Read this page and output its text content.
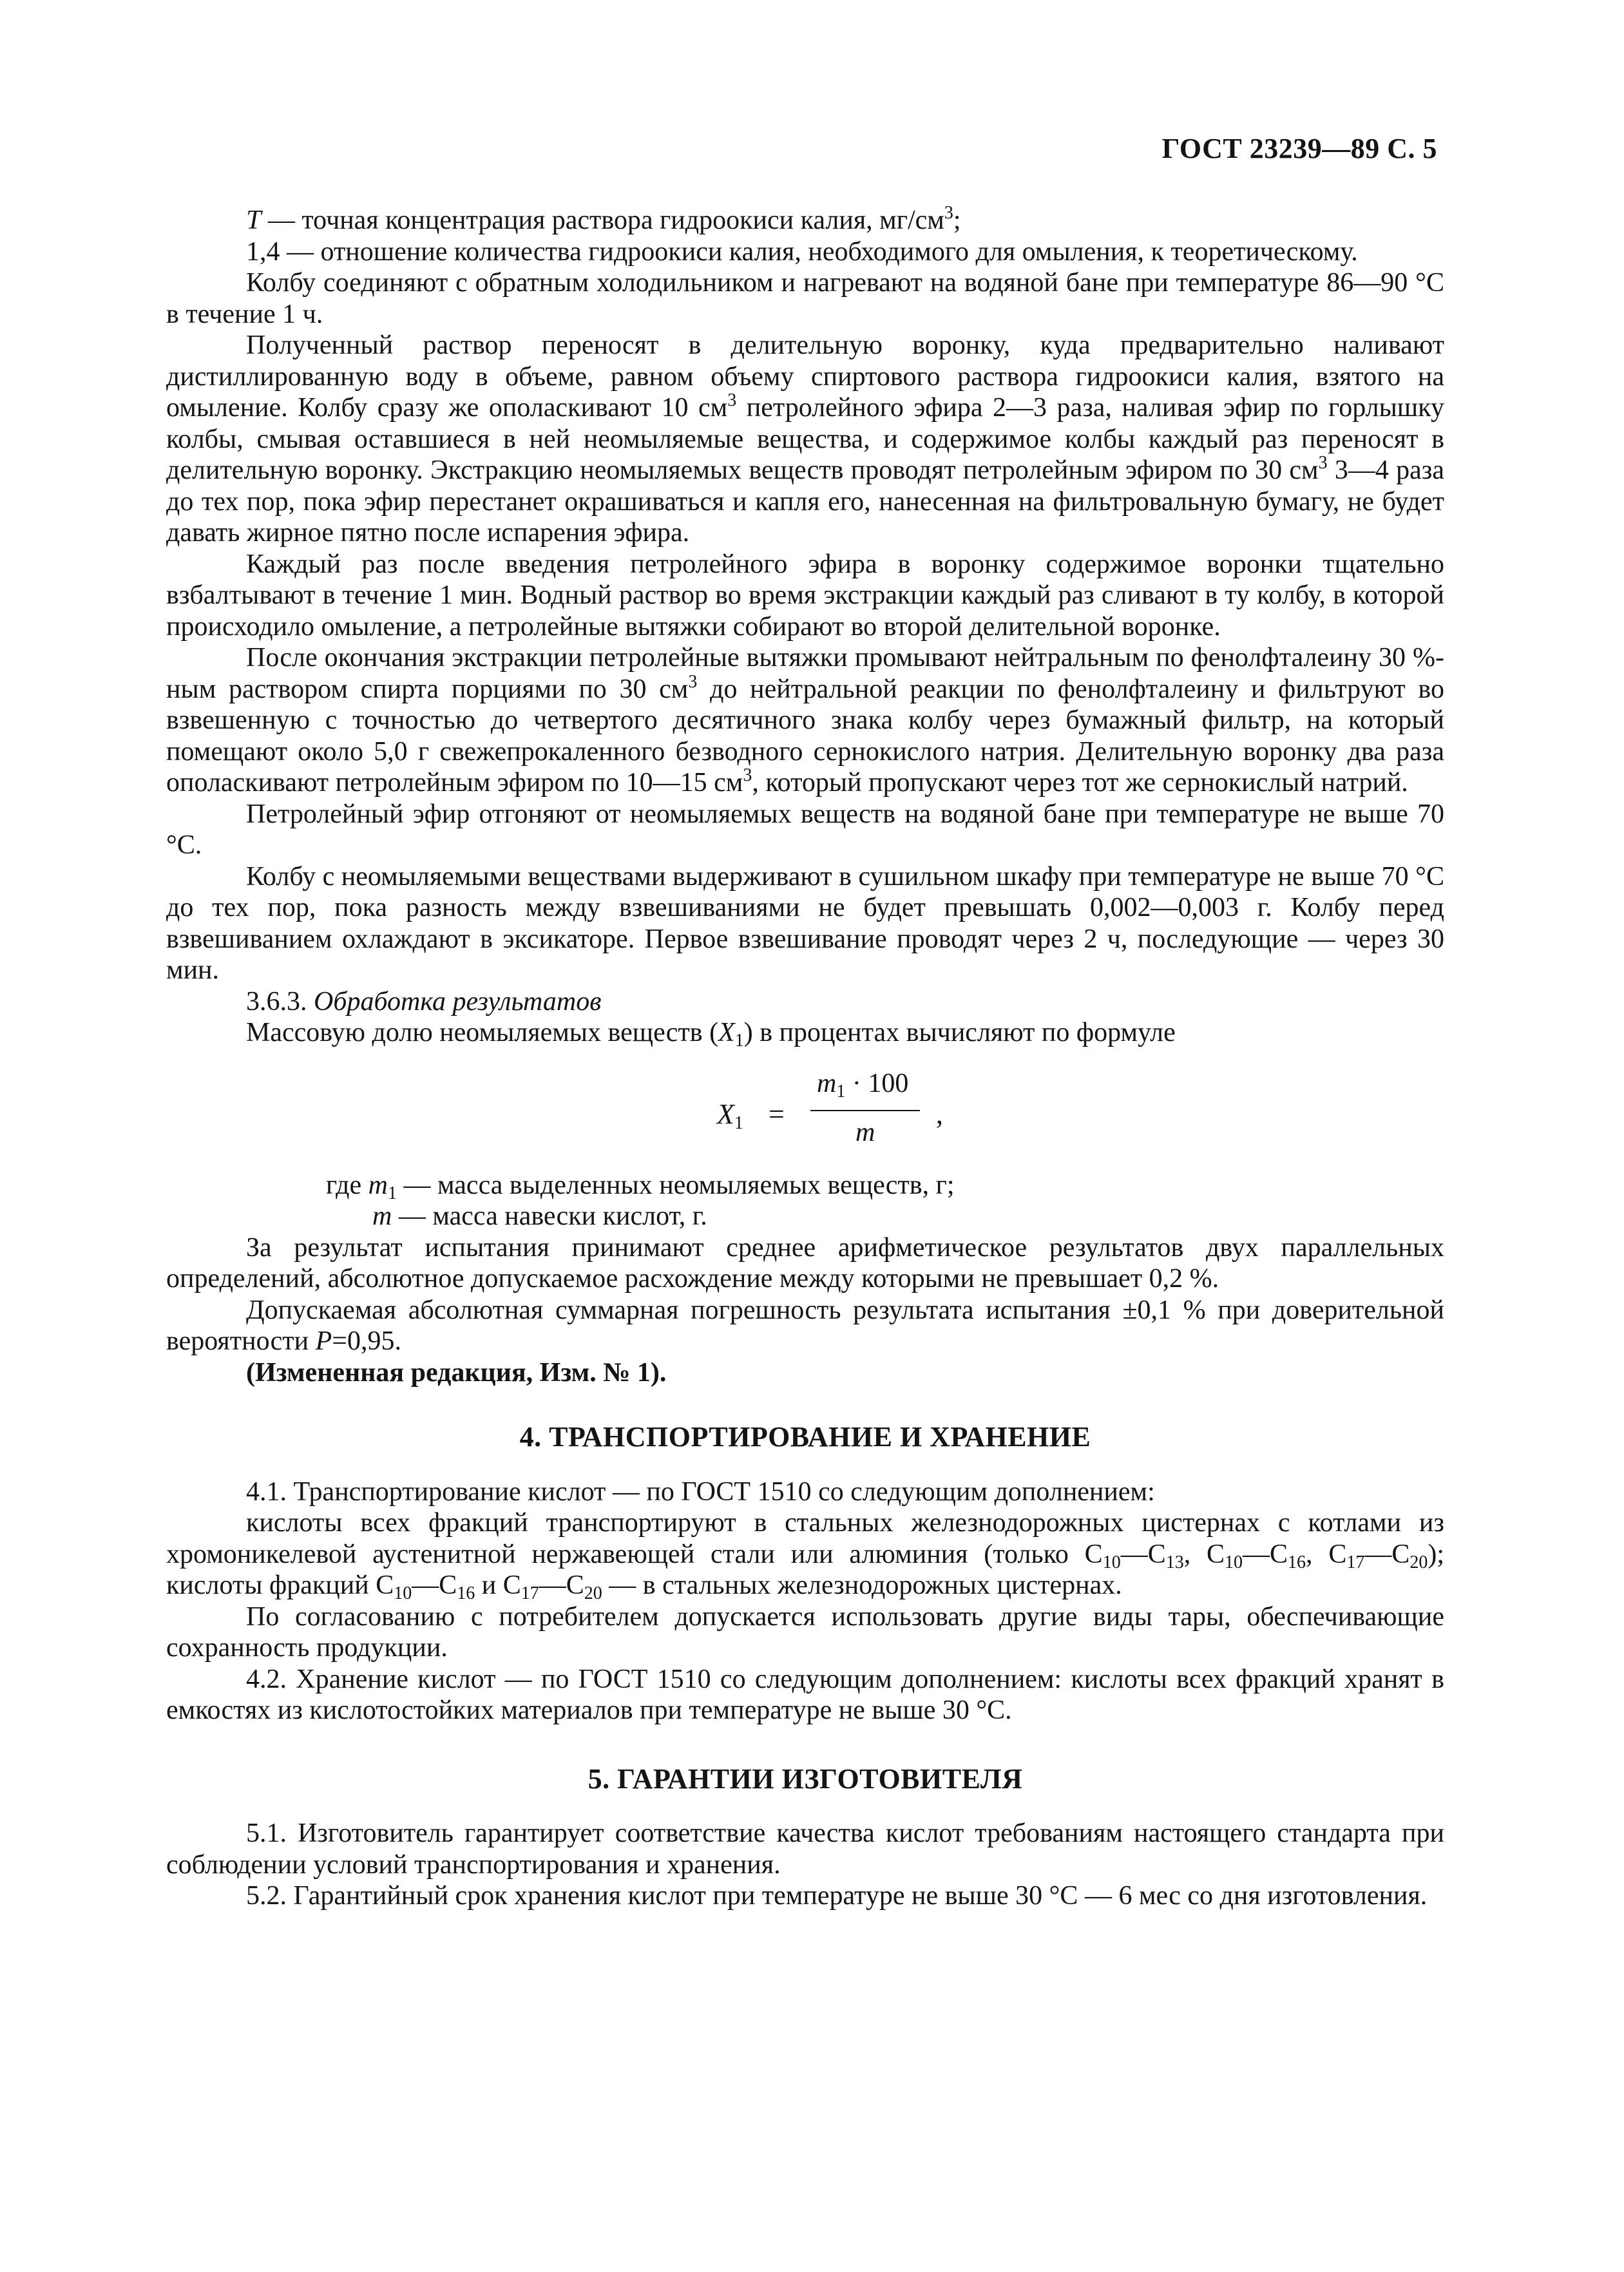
ГОСТ 23239—89 С. 5

T — точная концентрация раствора гидроокиси калия, $мг/см^3$;

1,4 — отношение количества гидроокиси калия, необходимого для омыления, к теоретическому.

Колбу соединяют с обратным холодильником и нагревают на водяной бане при температуре 86—90 °С в течение 1 ч.

Полученный раствор переносят в делительную воронку, куда предварительно наливают дистиллированную воду в объеме, равном объему спиртового раствора гидроокиси калия, взятого на омыление. Колбу сразу же ополаскивают 10 $см^3$ петролейного эфира 2—3 раза, наливая эфир по горлышку колбы, смывая оставшиеся в ней неомыляемые вещества, и содержимое колбы каждый раз переносят в делительную воронку. Экстракцию неомыляемых веществ проводят петролейным эфиром по 30 $см^3$ 3—4 раза до тех пор, пока эфир перестанет окрашиваться и капля его, нанесенная на фильтровальную бумагу, не будет давать жирное пятно после испарения эфира.

Каждый раз после введения петролейного эфира в воронку содержимое воронки тщательно взбалтывают в течение 1 мин. Водный раствор во время экстракции каждый раз сливают в ту колбу, в которой происходило омыление, а петролейные вытяжки собирают во второй делительной воронке.

После окончания экстракции петролейные вытяжки промывают нейтральным по фенолфталеину 30 %-ным раствором спирта порциями по 30 $см^3$ до нейтральной реакции по фенолфталеину и фильтруют во взвешенную с точностью до четвертого десятичного знака колбу через бумажный фильтр, на который помещают около 5,0 г свежепрокаленного безводного сернокислого натрия. Делительную воронку два раза ополаскивают петролейным эфиром по 10—15 $см^3$, который пропускают через тот же сернокислый натрий.

Петролейный эфир отгоняют от неомыляемых веществ на водяной бане при температуре не выше 70 °С.

Колбу с неомыляемыми веществами выдерживают в сушильном шкафу при температуре не выше 70 °С до тех пор, пока разность между взвешиваниями не будет превышать 0,002—0,003 г. Колбу перед взвешиванием охлаждают в эксикаторе. Первое взвешивание проводят через 2 ч, последующие — через 30 мин.

3.6.3. Обработка результатов

Массовую долю неомыляемых веществ $(X_1)$ в процентах вычисляют по формуле

$X_1$ =
$m_1 \cdot 100$
m
,

где $m_1$ — масса выделенных неомыляемых веществ, г;

m — масса навески кислот, г.

За результат испытания принимают среднее арифметическое результатов двух параллельных определений, абсолютное допускаемое расхождение между которыми не превышает 0,2 %.

Допускаемая абсолютная суммарная погрешность результата испытания ±0,1 % при доверительной вероятности Р=0,95.

(Измененная редакция, Изм. № 1).

4. ТРАНСПОРТИРОВАНИЕ И ХРАНЕНИЕ

4.1. Транспортирование кислот — по ГОСТ 1510 со следующим дополнением:

кислоты всех фракций транспортируют в стальных железнодорожных цистернах с котлами из хромоникелевой аустенитной нержавеющей стали или алюминия (только $С_{10}—С_{13}$, $С_{10}—С_{16}$, $С_{17}—С_{20}$); кислоты фракций $С_{10}—С_{16}$ и $С_{17}—С_{20}$ — в стальных железнодорожных цистернах.

По согласованию с потребителем допускается использовать другие виды тары, обеспечивающие сохранность продукции.

4.2. Хранение кислот — по ГОСТ 1510 со следующим дополнением: кислоты всех фракций хранят в емкостях из кислотостойких материалов при температуре не выше 30 °С.

5. ГАРАНТИИ ИЗГОТОВИТЕЛЯ

5.1. Изготовитель гарантирует соответствие качества кислот требованиям настоящего стандарта при соблюдении условий транспортирования и хранения.

5.2. Гарантийный срок хранения кислот при температуре не выше 30 °С — 6 мес со дня изготовления.
